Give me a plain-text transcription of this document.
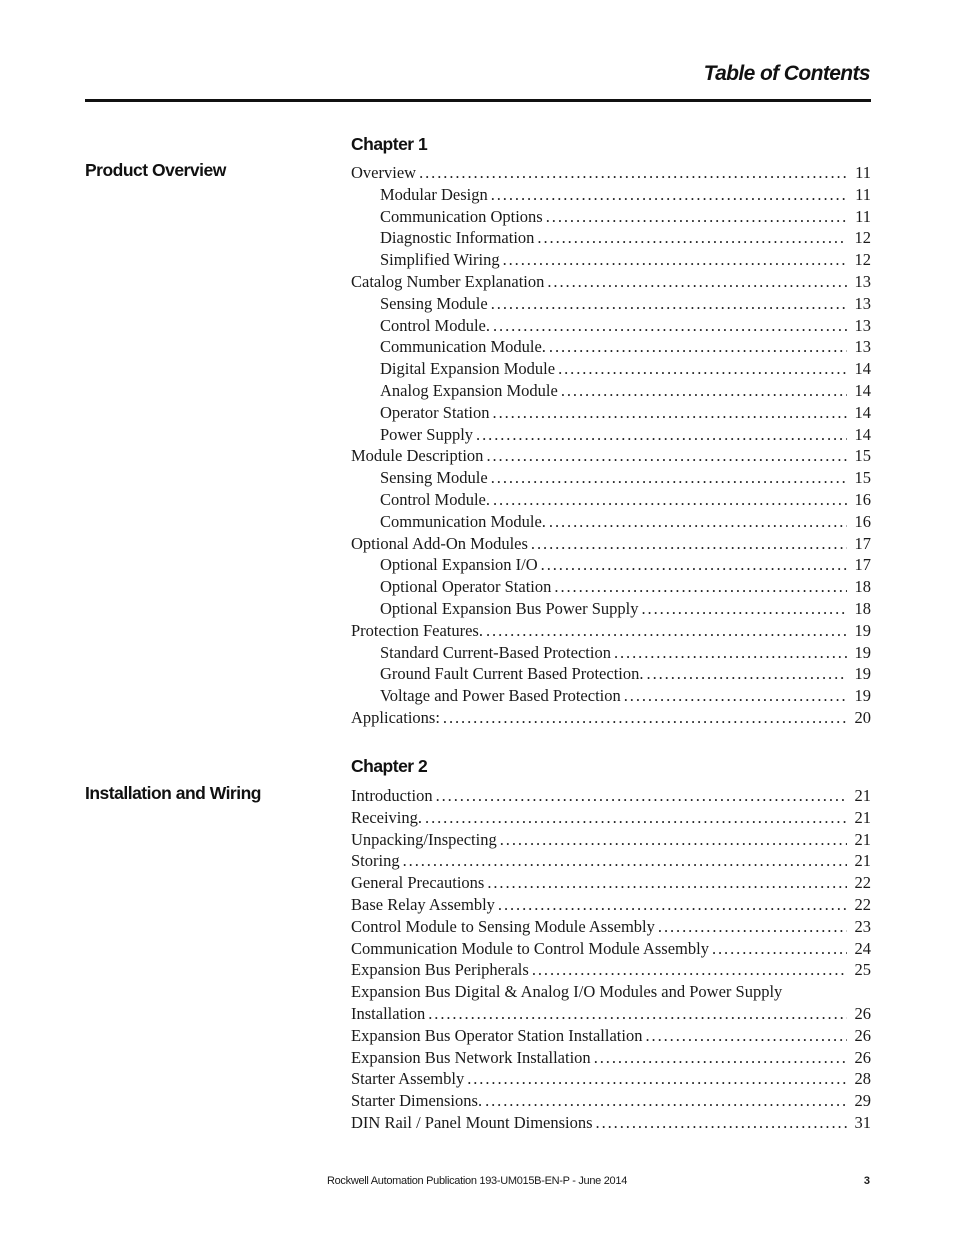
Table of Contents
Product Overview
Chapter 1
Overview . . .	11
Modular Design . . .	11
Communication Options . . .	11
Diagnostic Information . . .	12
Simplified Wiring . . .	12
Catalog Number Explanation . . .	13
Sensing Module . . .	13
Control Module. . . .	13
Communication Module. . . .	13
Digital Expansion Module . . .	14
Analog Expansion Module . . .	14
Operator Station . . .	14
Power Supply . . .	14
Module Description . . .	15
Sensing Module . . .	15
Control Module. . . .	16
Communication Module. . . .	16
Optional Add-On Modules . . .	17
Optional Expansion I/O . . .	17
Optional Operator Station . . .	18
Optional Expansion Bus Power Supply . . .	18
Protection Features. . . .	19
Standard Current-Based Protection . . .	19
Ground Fault Current Based Protection. . . .	19
Voltage and Power Based Protection . . .	19
Applications: . . .	20
Installation and Wiring
Chapter 2
Introduction . . .	21
Receiving. . . .	21
Unpacking/Inspecting . . .	21
Storing . . .	21
General Precautions . . .	22
Base Relay Assembly . . .	22
Control Module to Sensing Module Assembly . . .	23
Communication Module to Control Module Assembly . . .	24
Expansion Bus Peripherals . . .	25
Expansion Bus Digital & Analog I/O Modules and Power Supply
Installation . . .	26
Expansion Bus Operator Station Installation . . .	26
Expansion Bus Network Installation . . .	26
Starter Assembly . . .	28
Starter Dimensions. . . .	29
DIN Rail / Panel Mount Dimensions . . .	31
Rockwell Automation Publication 193-UM015B-EN-P - June 2014	3
